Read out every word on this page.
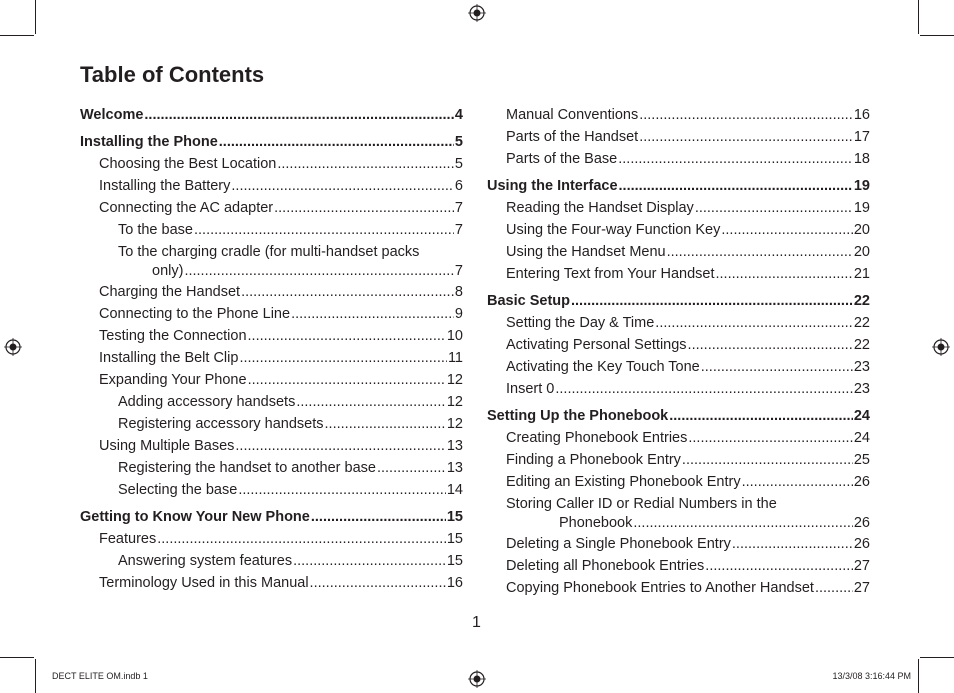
Table of Contents
Welcome .....	4
Installing the Phone .....	5
Choosing the Best Location .....	5
Installing the Battery .....	6
Connecting the AC adapter .....	7
To the base .....	7
To the charging cradle (for multi-handset packs
only) .....	7
Charging the Handset .....	8
Connecting to the Phone Line .....	9
Testing the Connection .....	10
Installing the Belt Clip .....	11
Expanding Your Phone .....	12
Adding accessory handsets .....	12
Registering accessory handsets .....	12
Using Multiple Bases .....	13
Registering the handset to another base .....	13
Selecting the base .....	14
Getting to Know Your New Phone .....	15
Features .....	15
Answering system features .....	15
Terminology Used in this Manual .....	16
Manual Conventions .....	16
Parts of the Handset .....	17
Parts of the Base .....	18
Using the Interface .....	19
Reading the Handset Display .....	19
Using the Four-way Function Key .....	20
Using the Handset Menu .....	20
Entering Text from Your Handset .....	21
Basic Setup .....	22
Setting the Day & Time .....	22
Activating Personal Settings .....	22
Activating the Key Touch Tone .....	23
Insert 0 .....	23
Setting Up the Phonebook .....	24
Creating Phonebook Entries .....	24
Finding a Phonebook Entry .....	25
Editing an Existing Phonebook Entry .....	26
Storing Caller ID or Redial Numbers in the
Phonebook .....	26
Deleting a Single Phonebook Entry .....	26
Deleting all Phonebook Entries .....	27
Copying Phonebook Entries to Another Handset .....	27
1
DECT ELITE OM.indb 1	13/3/08 3:16:44 PM
